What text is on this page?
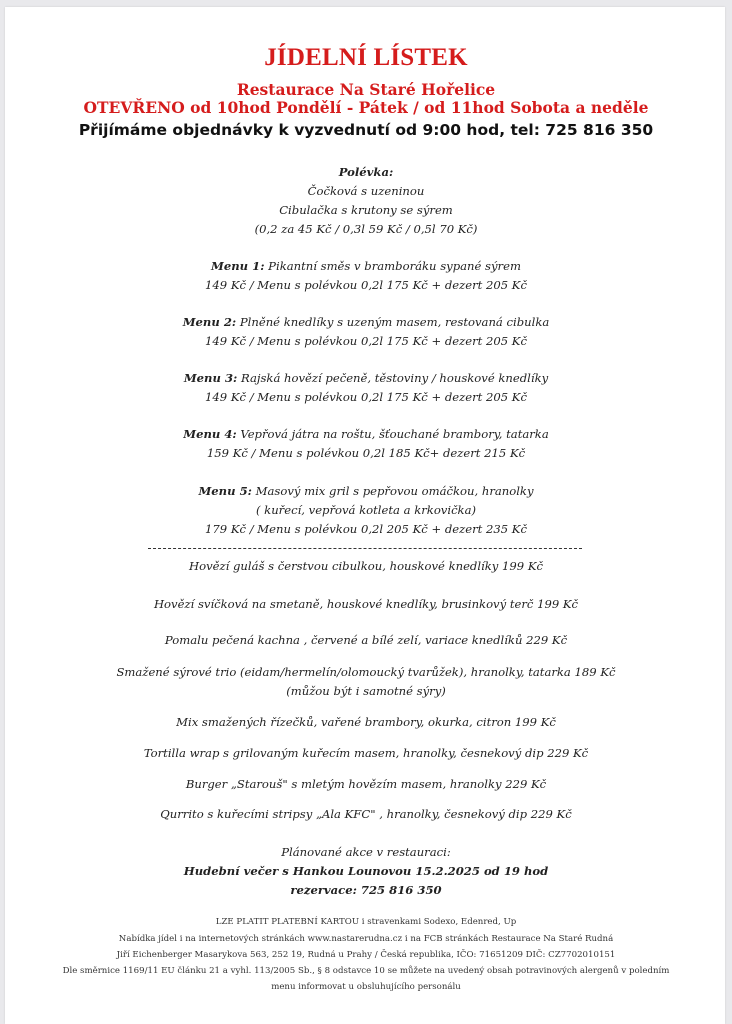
JÍDELNÍ LÍSTEK
Restaurace Na Staré Hořelice
OTEVŘENO od 10hod Pondělí - Pátek / od 11hod Sobota a neděle
Přijímáme objednávky k vyzvednutí od 9:00 hod, tel: 725 816 350
Polévka:
Čočková s uzeninou
Cibulačka s krutony se sýrem
(0,2 za 45 Kč / 0,3l 59 Kč / 0,5l 70 Kč)
Menu 1: Pikantní směs v bramboráku sypané sýrem
149 Kč / Menu s polévkou 0,2l 175 Kč + dezert 205 Kč
Menu 2: Plněné knedlíky s uzeným masem, restovaná cibulka
149 Kč / Menu s polévkou 0,2l 175 Kč + dezert 205 Kč
Menu 3: Rajská hovězí pečeně, těstoviny / houskové knedlíky
149 Kč / Menu s polévkou 0,2l 175 Kč + dezert 205 Kč
Menu 4: Vepřová játra na roštu, šťouchané brambory, tatarka
159 Kč / Menu s polévkou 0,2l 185 Kč+ dezert 215 Kč
Menu 5: Masový mix gril s pepřovou omáčkou, hranolky
( kuřecí, vepřová kotleta a krkovička)
179 Kč / Menu s polévkou 0,2l 205 Kč + dezert 235 Kč
Hovězí guláš s čerstvou cibulkou, houskové knedlíky 199 Kč
Hovězí svíčková na smetaně, houskové knedlíky, brusinkový terč 199 Kč
Pomalu pečená kachna , červené a bílé zelí, variace knedlíků 229 Kč
Smažené sýrové trio (eidam/hermelín/olomoucký tvarůžek), hranolky, tatarka 189 Kč
(můžou být i samotné sýry)
Mix smažených řízečků, vařené brambory, okurka, citron 199 Kč
Tortilla wrap s grilovaným kuřecím masem, hranolky, česnekový dip 229 Kč
Burger „Starouš" s mletým hovězím masem, hranolky 229 Kč
Qurrito s kuřecími stripsy „Ala KFC" , hranolky, česnekový dip 229 Kč
Plánované akce v restauraci:
Hudební večer s Hankou Lounovou 15.2.2025 od 19 hod
rezervace: 725 816 350
LZE PLATIT PLATEBNÍ KARTOU i stravenkami Sodexo, Edenred, Up
Nabídka jídel i na internetových stránkách www.nastarerudna.cz i na FCB stránkách Restaurace Na Staré Rudná
Jiří Eichenberger Masarykova 563, 252 19, Rudná u Prahy / Česká republika, IČO: 71651209 DIČ: CZ7702010151
Dle směrnice 1169/11 EU článku 21 a vyhl. 113/2005 Sb., § 8 odstavce 10 se můžete na uvedený obsah potravinových alergenů v poledním
menu informovat u obsluhujícího personálu
